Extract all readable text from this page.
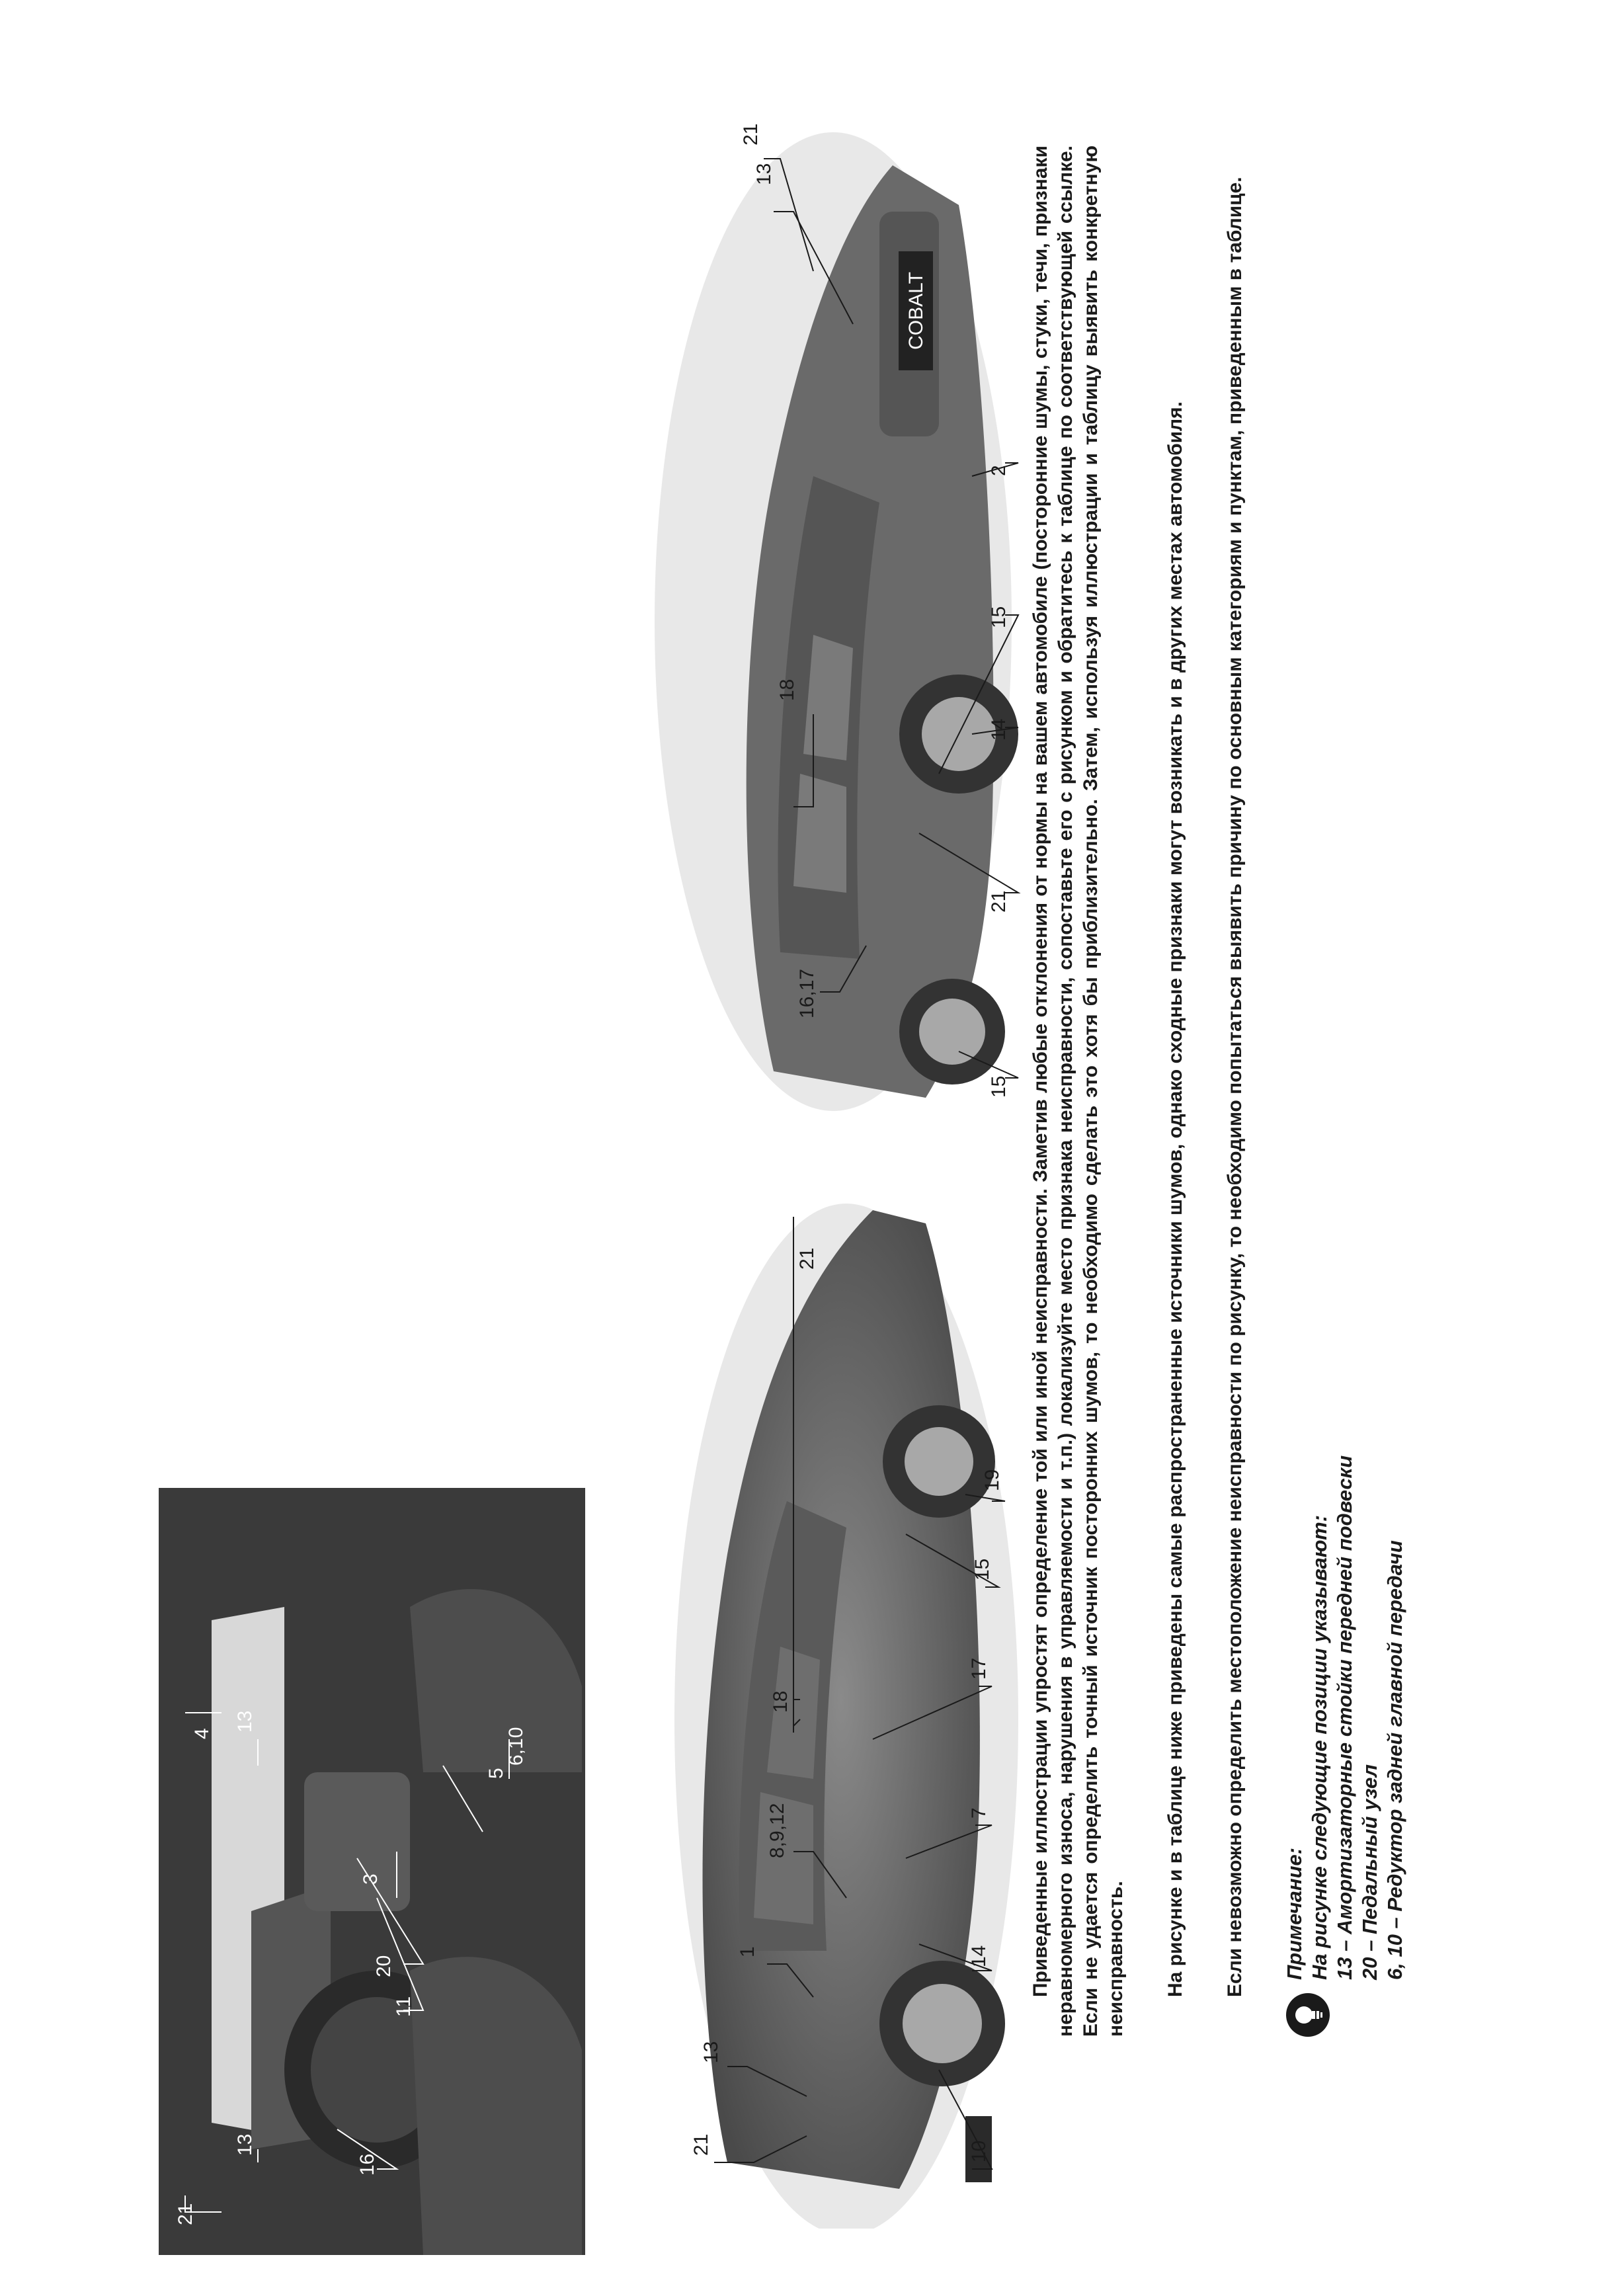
21
13
1
8,9,12
18
10
14
7
17
15
19
21
COBALT
15
16,17
18
21
14
15
2
13
21
21
16
13
11
20
3
13
4
5
6,10	Приведенные иллюстрации упростят определение той или иной неисправности. Заметив любые отклонения от нормы на вашем автомобиле (посторонние шумы, стуки, течи, признаки неравномерного износа, нарушения в управляемости и т.п.) локализуйте место признака неисправности, сопоставьте его с рисунком и обратитесь к таблице по соответствующей ссылке. Если не удается определить точный источник посторонних шумов, то необходимо сделать это хотя бы приблизительно. Затем, используя иллюстрации и таблицу выявить конкретную неисправность. На рисунке и в таблице ниже приведены самые распространенные источники шумов, однако сходные признаки могут возникать и в других местах автомобиля. Если невозможно определить местоположение неисправности по рисунку, то необходимо попытаться выявить причину по основным категориям и пунктам, приведенным в таблице. Примечание: На рисунке следующие позиции указывают: 13 – Амортизаторные стойки передней подвески 20 – Педальный узел 6, 10 – Редуктор задней главной передачи
